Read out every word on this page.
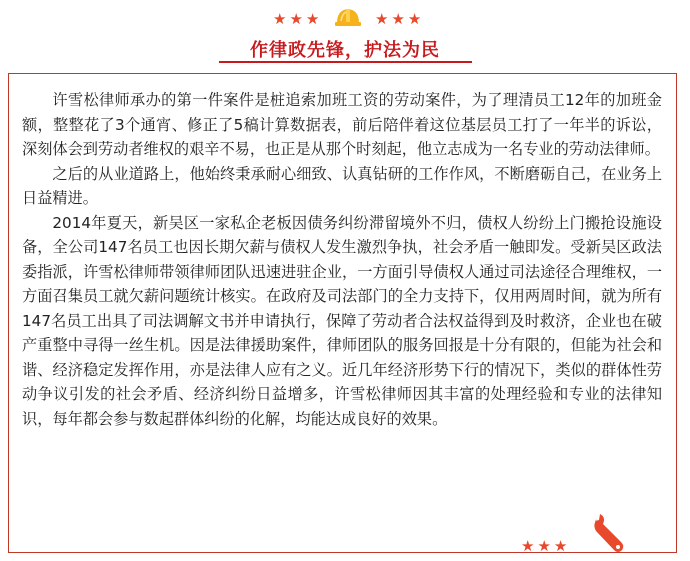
★★★	★★★
作律政先锋，护法为民

许雪松律师承办的第一件案件是桩追索加班工资的劳动案件，为了理清员工12年的加班金额，整整花了3个通宵、修正了5稿计算数据表，前后陪伴着这位基层员工打了一年半的诉讼，深刻体会到劳动者维权的艰辛不易，也正是从那个时刻起，他立志成为一名专业的劳动法律师。

之后的从业道路上，他始终秉承耐心细致、认真钻研的工作作风，不断磨砺自己，在业务上日益精进。

2014年夏天，新吴区一家私企老板因债务纠纷滞留境外不归，债权人纷纷上门搬抢设施设备，全公司147名员工也因长期欠薪与债权人发生激烈争执，社会矛盾一触即发。受新吴区政法委指派，许雪松律师带领律师团队迅速进驻企业，一方面引导债权人通过司法途径合理维权，一方面召集员工就欠薪问题统计核实。在政府及司法部门的全力支持下，仅用两周时间，就为所有147名员工出具了司法调解文书并申请执行，保障了劳动者合法权益得到及时救济，企业也在破产重整中寻得一丝生机。因是法律援助案件，律师团队的服务回报是十分有限的，但能为社会和谐、经济稳定发挥作用，亦是法律人应有之义。近几年经济形势下行的情况下，类似的群体性劳动争议引发的社会矛盾、经济纠纷日益增多，许雪松律师因其丰富的处理经验和专业的法律知识，每年都会参与数起群体纠纷的化解，均能达成良好的效果。

★★★
